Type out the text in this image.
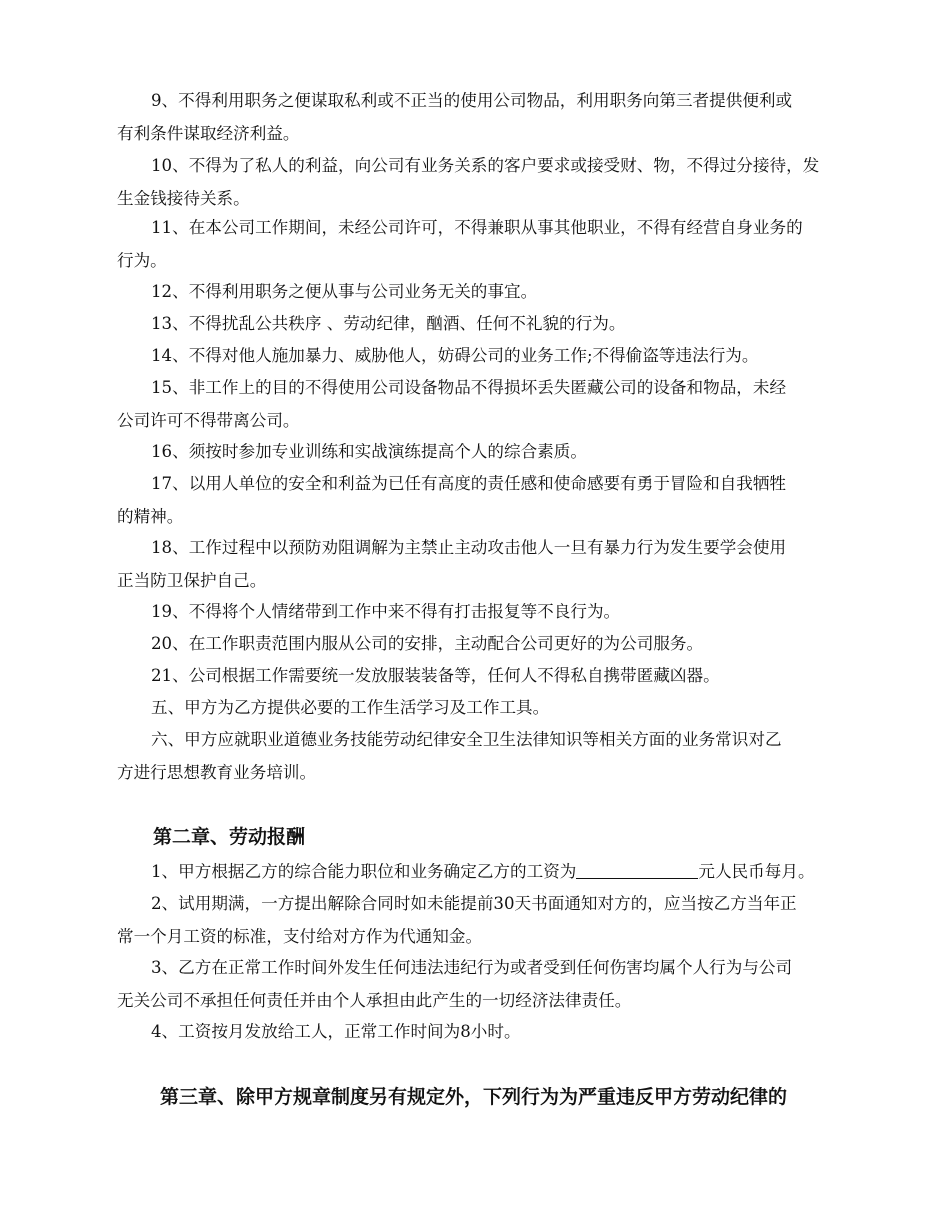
9、不得利用职务之便谋取私利或不正当的使用公司物品，利用职务向第三者提供便利或
有利条件谋取经济利益。
10、不得为了私人的利益，向公司有业务关系的客户要求或接受财、物，不得过分接待，发
生金钱接待关系。
11、在本公司工作期间，未经公司许可，不得兼职从事其他职业，不得有经营自身业务的
行为。
12、不得利用职务之便从事与公司业务无关的事宜。
13、不得扰乱公共秩序 、劳动纪律，酗酒、任何不礼貌的行为。
14、不得对他人施加暴力、威胁他人，妨碍公司的业务工作;不得偷盗等违法行为。
15、非工作上的目的不得使用公司设备物品不得损坏丢失匿藏公司的设备和物品，未经
公司许可不得带离公司。
16、须按时参加专业训练和实战演练提高个人的综合素质。
17、以用人单位的安全和利益为已任有高度的责任感和使命感要有勇于冒险和自我牺牲
的精神。
18、工作过程中以预防劝阻调解为主禁止主动攻击他人一旦有暴力行为发生要学会使用
正当防卫保护自己。
19、不得将个人情绪带到工作中来不得有打击报复等不良行为。
20、在工作职责范围内服从公司的安排，主动配合公司更好的为公司服务。
21、公司根据工作需要统一发放服装装备等，任何人不得私自携带匿藏凶器。
五、甲方为乙方提供必要的工作生活学习及工作工具。
六、甲方应就职业道德业务技能劳动纪律安全卫生法律知识等相关方面的业务常识对乙
方进行思想教育业务培训。
第二章、劳动报酬
1、甲方根据乙方的综合能力职位和业务确定乙方的工资为	元人民币每月。
2、试用期满，一方提出解除合同时如未能提前30天书面通知对方的，应当按乙方当年正
常一个月工资的标准，支付给对方作为代通知金。
3、乙方在正常工作时间外发生任何违法违纪行为或者受到任何伤害均属个人行为与公司
无关公司不承担任何责任并由个人承担由此产生的一切经济法律责任。
4、工资按月发放给工人，正常工作时间为8小时。
第三章、除甲方规章制度另有规定外，下列行为为严重违反甲方劳动纪律的
